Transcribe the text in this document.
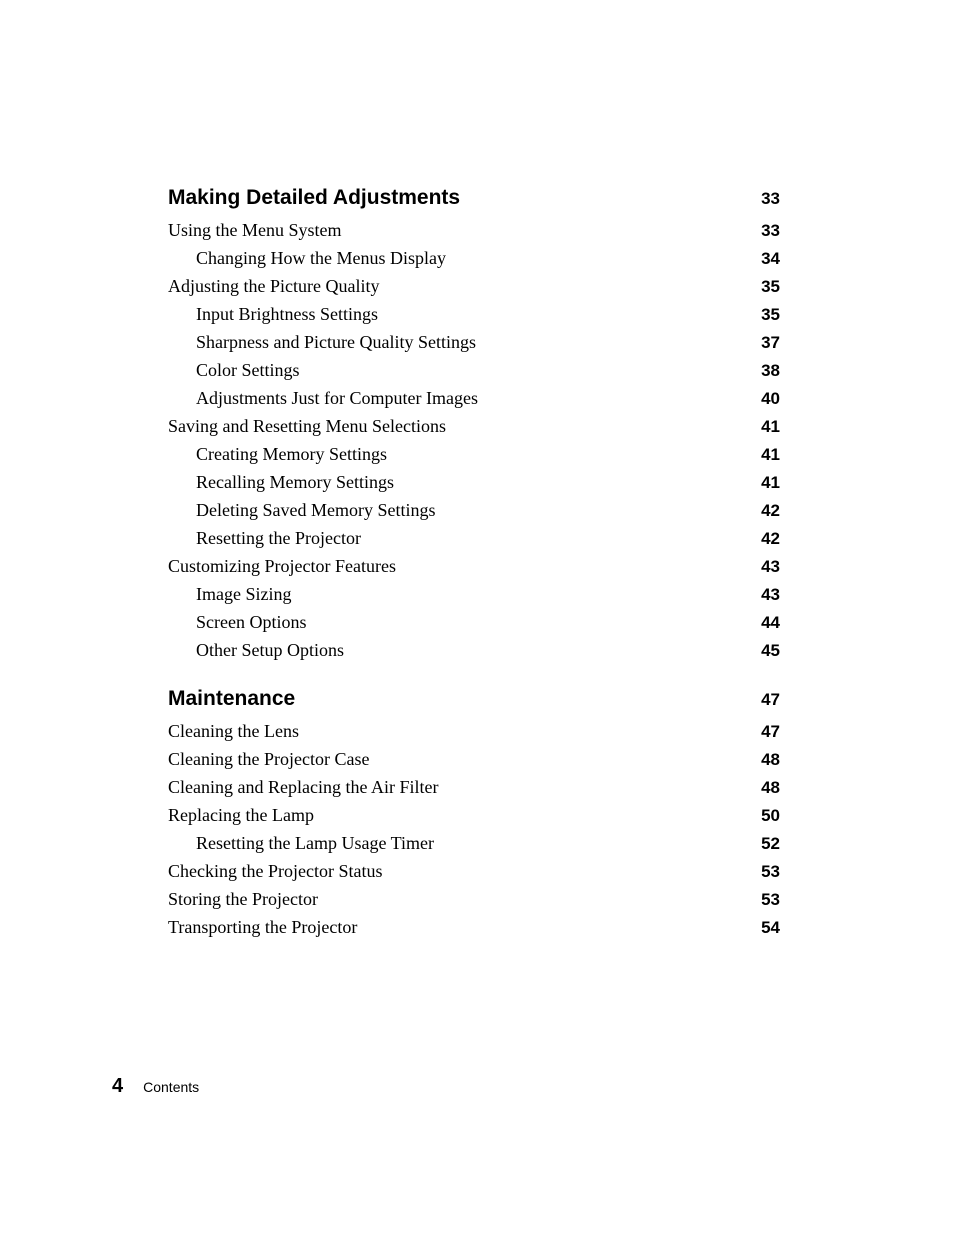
Making Detailed Adjustments	33
Using the Menu System	33
Changing How the Menus Display	34
Adjusting the Picture Quality	35
Input Brightness Settings	35
Sharpness and Picture Quality Settings	37
Color Settings	38
Adjustments Just for Computer Images	40
Saving and Resetting Menu Selections	41
Creating Memory Settings	41
Recalling Memory Settings	41
Deleting Saved Memory Settings	42
Resetting the Projector	42
Customizing Projector Features	43
Image Sizing	43
Screen Options	44
Other Setup Options	45
Maintenance	47
Cleaning the Lens	47
Cleaning the Projector Case	48
Cleaning and Replacing the Air Filter	48
Replacing the Lamp	50
Resetting the Lamp Usage Timer	52
Checking the Projector Status	53
Storing the Projector	53
Transporting the Projector	54
4 Contents
